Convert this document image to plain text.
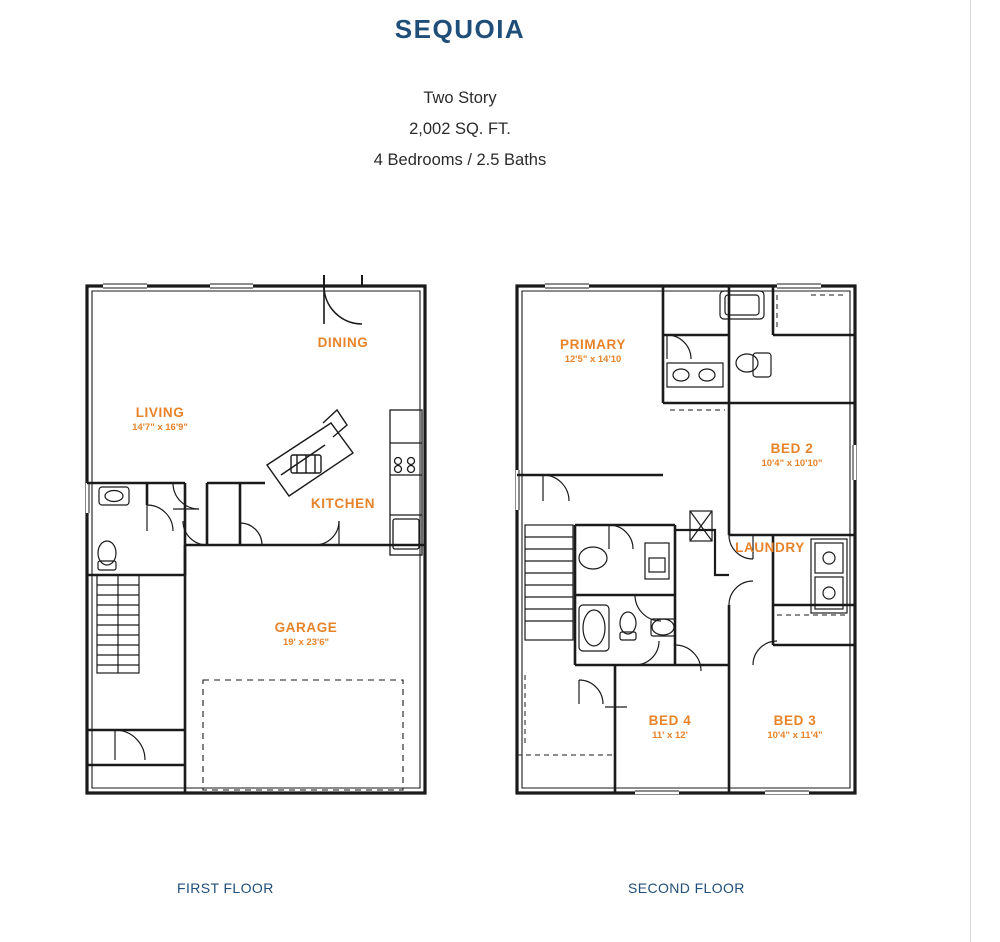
SEQUOIA
Two Story
2,002 SQ. FT.
4 Bedrooms / 2.5 Baths
DINING
LIVING
14'7" x 16'9"
KITCHEN
GARAGE
19' x 23'6"
PRIMARY
12'5" x 14'10
BED 2
10'4" x 10'10"
LAUNDRY
BED 4
11' x 12'
BED 3
10'4" x 11'4"
FIRST FLOOR	SECOND FLOOR
